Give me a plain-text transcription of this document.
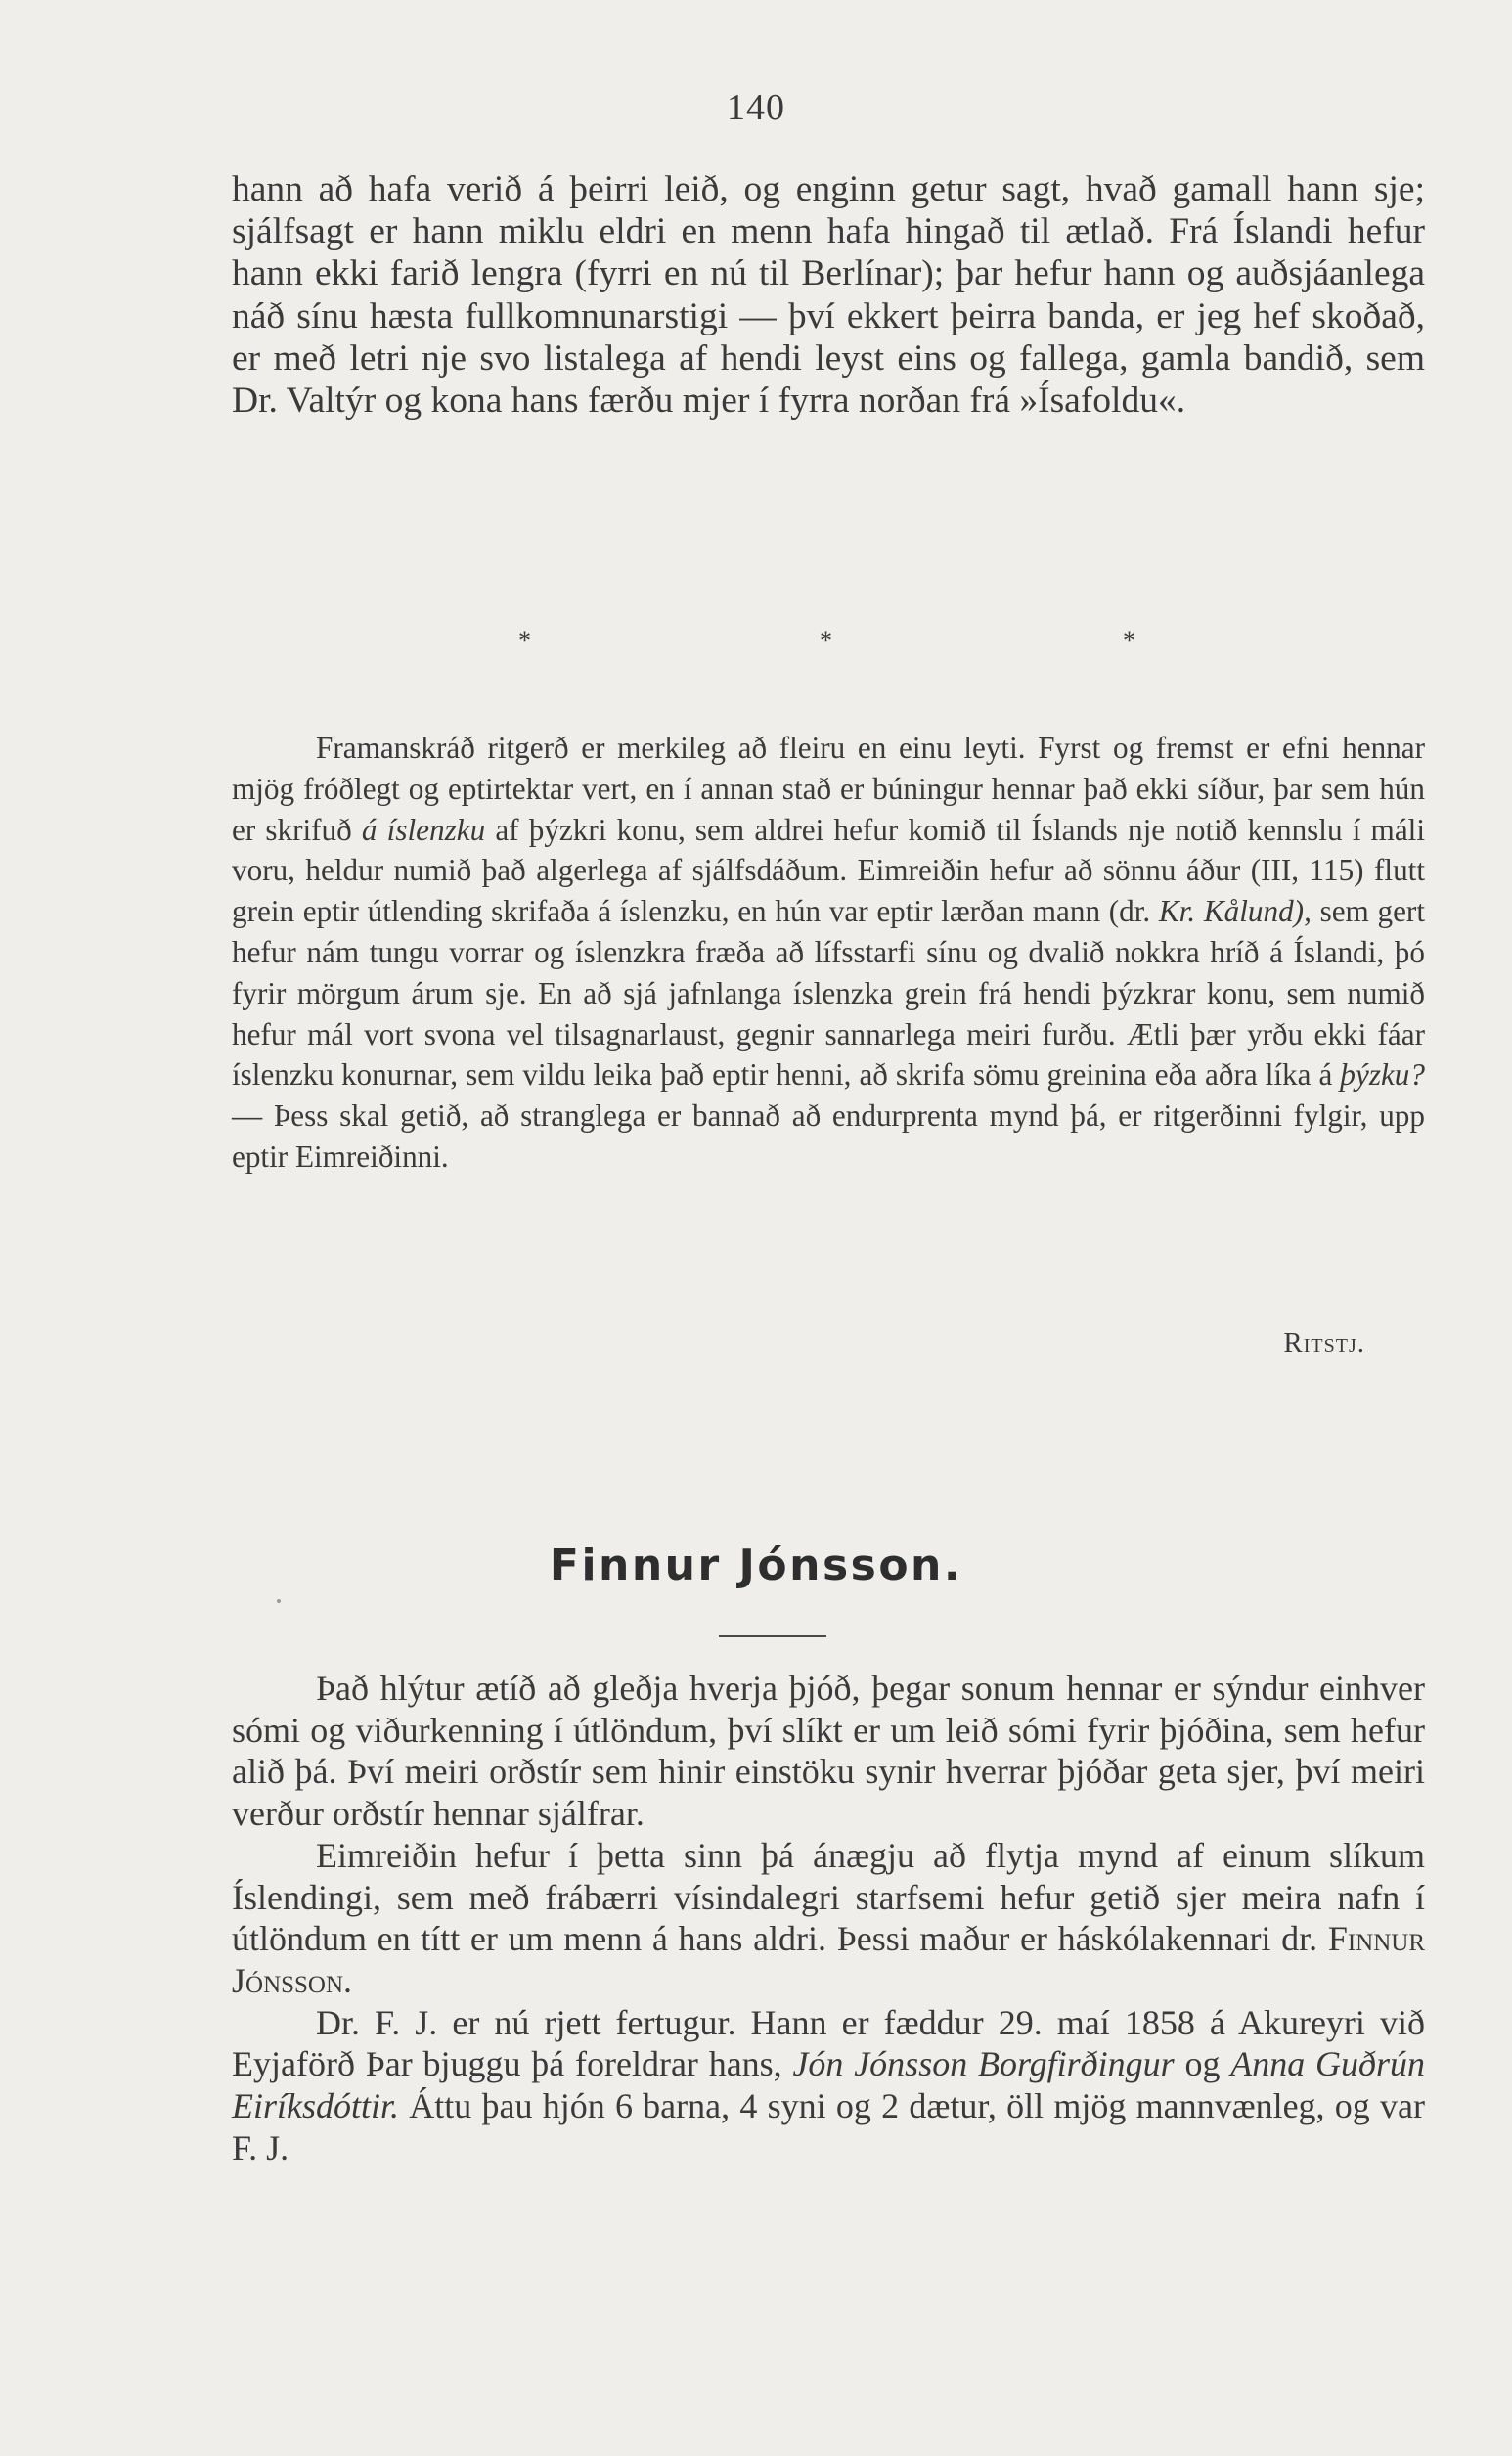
140

hann að hafa verið á þeirri leið, og enginn getur sagt, hvað gamall hann sje; sjálfsagt er hann miklu eldri en menn hafa hingað til ætlað. Frá Íslandi hefur hann ekki farið lengra (fyrri en nú til Berlínar); þar hefur hann og auðsjáanlega náð sínu hæsta fullkomnunarstigi — því ekkert þeirra banda, er jeg hef skoðað, er með letri nje svo listalega af hendi leyst eins og fallega, gamla bandið, sem Dr. Valtýr og kona hans færðu mjer í fyrra norðan frá »Ísafoldu«.

*	*	*

Framanskráð ritgerð er merkileg að fleiru en einu leyti. Fyrst og fremst er efni hennar mjög fróðlegt og eptirtektar vert, en í annan stað er búningur hennar það ekki síður, þar sem hún er skrifuð á íslenzku af þýzkri konu, sem aldrei hefur komið til Íslands nje notið kennslu í máli voru, heldur numið það algerlega af sjálfsdáðum. Eimreiðin hefur að sönnu áður (III, 115) flutt grein eptir útlending skrifaða á íslenzku, en hún var eptir lærðan mann (dr. Kr. Kålund), sem gert hefur nám tungu vorrar og íslenzkra fræða að lífsstarfi sínu og dvalið nokkra hríð á Íslandi, þó fyrir mörgum árum sje. En að sjá jafnlanga íslenzka grein frá hendi þýzkrar konu, sem numið hefur mál vort svona vel tilsagnarlaust, gegnir sannarlega meiri furðu. Ætli þær yrðu ekki fáar íslenzku konurnar, sem vildu leika það eptir henni, að skrifa sömu greinina eða aðra líka á þýzku? — Þess skal getið, að stranglega er bannað að endurprenta mynd þá, er ritgerðinni fylgir, upp eptir Eimreiðinni.

Ritstj.
Finnur Jónsson.
Það hlýtur ætíð að gleðja hverja þjóð, þegar sonum hennar er sýndur einhver sómi og viðurkenning í útlöndum, því slíkt er um leið sómi fyrir þjóðina, sem hefur alið þá. Því meiri orðstír sem hinir einstöku synir hverrar þjóðar geta sjer, því meiri verður orðstír hennar sjálfrar.
Eimreiðin hefur í þetta sinn þá ánægju að flytja mynd af einum slíkum Íslendingi, sem með frábærri vísindalegri starfsemi hefur getið sjer meira nafn í útlöndum en títt er um menn á hans aldri. Þessi maður er háskólakennari dr. Finnur Jónsson.
Dr. F. J. er nú rjett fertugur. Hann er fæddur 29. maí 1858 á Akureyri við Eyjaförð Þar bjuggu þá foreldrar hans, Jón Jónsson Borgfirðingur og Anna Guðrún Eiríksdóttir. Áttu þau hjón 6 barna, 4 syni og 2 dætur, öll mjög mannvænleg, og var F. J.
